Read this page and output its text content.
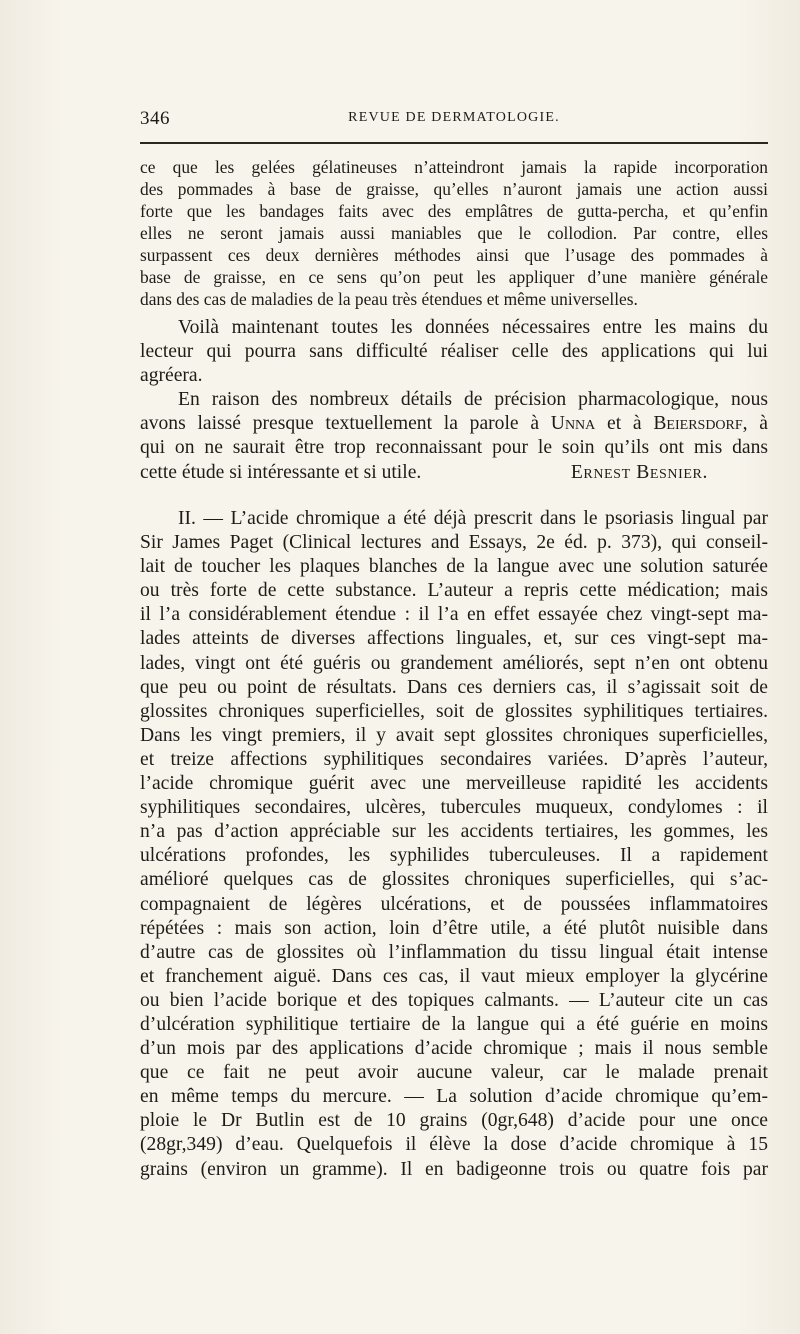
346	REVUE DE DERMATOLOGIE.
ce que les gelées gélatineuses n’atteindront jamais la rapide incorporation
des pommades à base de graisse, qu’elles n’auront jamais une action aussi
forte que les bandages faits avec des emplâtres de gutta-percha, et qu’enfin
elles ne seront jamais aussi maniables que le collodion. Par contre, elles
surpassent ces deux dernières méthodes ainsi que l’usage des pommades à
base de graisse, en ce sens qu’on peut les appliquer d’une manière générale
dans des cas de maladies de la peau très étendues et même universelles.
Voilà maintenant toutes les données nécessaires entre les mains du
lecteur qui pourra sans difficulté réaliser celle des applications qui lui
agréera.
En raison des nombreux détails de précision pharmacologique, nous
avons laissé presque textuellement la parole à Unna et à Beiersdorf, à
qui on ne saurait être trop reconnaissant pour le soin qu’ils ont mis dans
cette étude si intéressante et si utile.	Ernest Besnier.
II. — L’acide chromique a été déjà prescrit dans le psoriasis lingual par
Sir James Paget (Clinical lectures and Essays, 2e éd. p. 373), qui conseil-
lait de toucher les plaques blanches de la langue avec une solution saturée
ou très forte de cette substance. L’auteur a repris cette médication; mais
il l’a considérablement étendue : il l’a en effet essayée chez vingt-sept ma-
lades atteints de diverses affections linguales, et, sur ces vingt-sept ma-
lades, vingt ont été guéris ou grandement améliorés, sept n’en ont obtenu
que peu ou point de résultats. Dans ces derniers cas, il s’agissait soit de
glossites chroniques superficielles, soit de glossites syphilitiques tertiaires.
Dans les vingt premiers, il y avait sept glossites chroniques superficielles,
et treize affections syphilitiques secondaires variées. D’après l’auteur,
l’acide chromique guérit avec une merveilleuse rapidité les accidents
syphilitiques secondaires, ulcères, tubercules muqueux, condylomes : il
n’a pas d’action appréciable sur les accidents tertiaires, les gommes, les
ulcérations profondes, les syphilides tuberculeuses. Il a rapidement
amélioré quelques cas de glossites chroniques superficielles, qui s’ac-
compagnaient de légères ulcérations, et de poussées inflammatoires
répétées : mais son action, loin d’être utile, a été plutôt nuisible dans
d’autre cas de glossites où l’inflammation du tissu lingual était intense
et franchement aiguë. Dans ces cas, il vaut mieux employer la glycérine
ou bien l’acide borique et des topiques calmants. — L’auteur cite un cas
d’ulcération syphilitique tertiaire de la langue qui a été guérie en moins
d’un mois par des applications d’acide chromique ; mais il nous semble
que ce fait ne peut avoir aucune valeur, car le malade prenait
en même temps du mercure. — La solution d’acide chromique qu’em-
ploie le Dr Butlin est de 10 grains (0gr,648) d’acide pour une once
(28gr,349) d’eau. Quelquefois il élève la dose d’acide chromique à 15
grains (environ un gramme). Il en badigeonne trois ou quatre fois par
